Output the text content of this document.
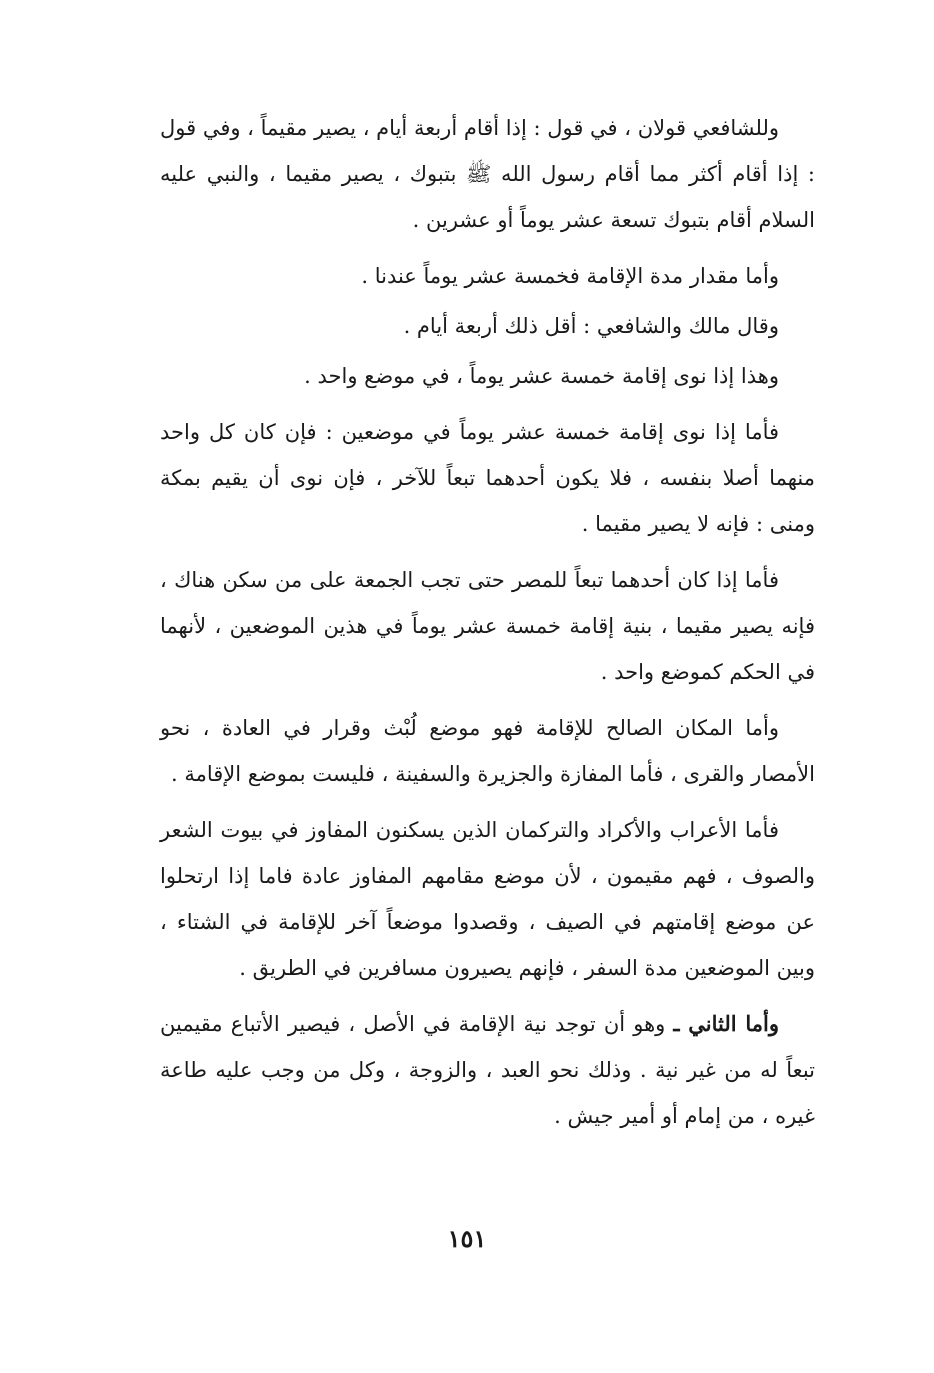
وللشافعي قولان ، في قول : إذا أقام أربعة أيام ، يصير مقيماً ، وفي قول : إذا أقام أكثر مما أقام رسول الله ﷺ بتبوك ، يصير مقيما ، والنبي عليه السلام أقام بتبوك تسعة عشر يوماً أو عشرين .

وأما مقدار مدة الإقامة فخمسة عشر يوماً عندنا .

وقال مالك والشافعي : أقل ذلك أربعة أيام .

وهذا إذا نوى إقامة خمسة عشر يوماً ، في موضع واحد .

فأما إذا نوى إقامة خمسة عشر يوماً في موضعين : فإن كان كل واحد منهما أصلا بنفسه ، فلا يكون أحدهما تبعاً للآخر ، فإن نوى أن يقيم بمكة ومنى : فإنه لا يصير مقيما .

فأما إذا كان أحدهما تبعاً للمصر حتى تجب الجمعة على من سكن هناك ، فإنه يصير مقيما ، بنية إقامة خمسة عشر يوماً في هذين الموضعين ، لأنهما في الحكم كموضع واحد .

وأما المكان الصالح للإقامة فهو موضع لُبْث وقرار في العادة ، نحو الأمصار والقرى ، فأما المفازة والجزيرة والسفينة ، فليست بموضع الإقامة .

فأما الأعراب والأكراد والتركمان الذين يسكنون المفاوز في بيوت الشعر والصوف ، فهم مقيمون ، لأن موضع مقامهم المفاوز عادة فاما إذا ارتحلوا عن موضع إقامتهم في الصيف ، وقصدوا موضعاً آخر للإقامة في الشتاء ، وبين الموضعين مدة السفر ، فإنهم يصيرون مسافرين في الطريق .

وأما الثاني ـ وهو أن توجد نية الإقامة في الأصل ، فيصير الأتباع مقيمين تبعاً له من غير نية . وذلك نحو العبد ، والزوجة ، وكل من وجب عليه طاعة غيره ، من إمام أو أمير جيش .

١٥١
